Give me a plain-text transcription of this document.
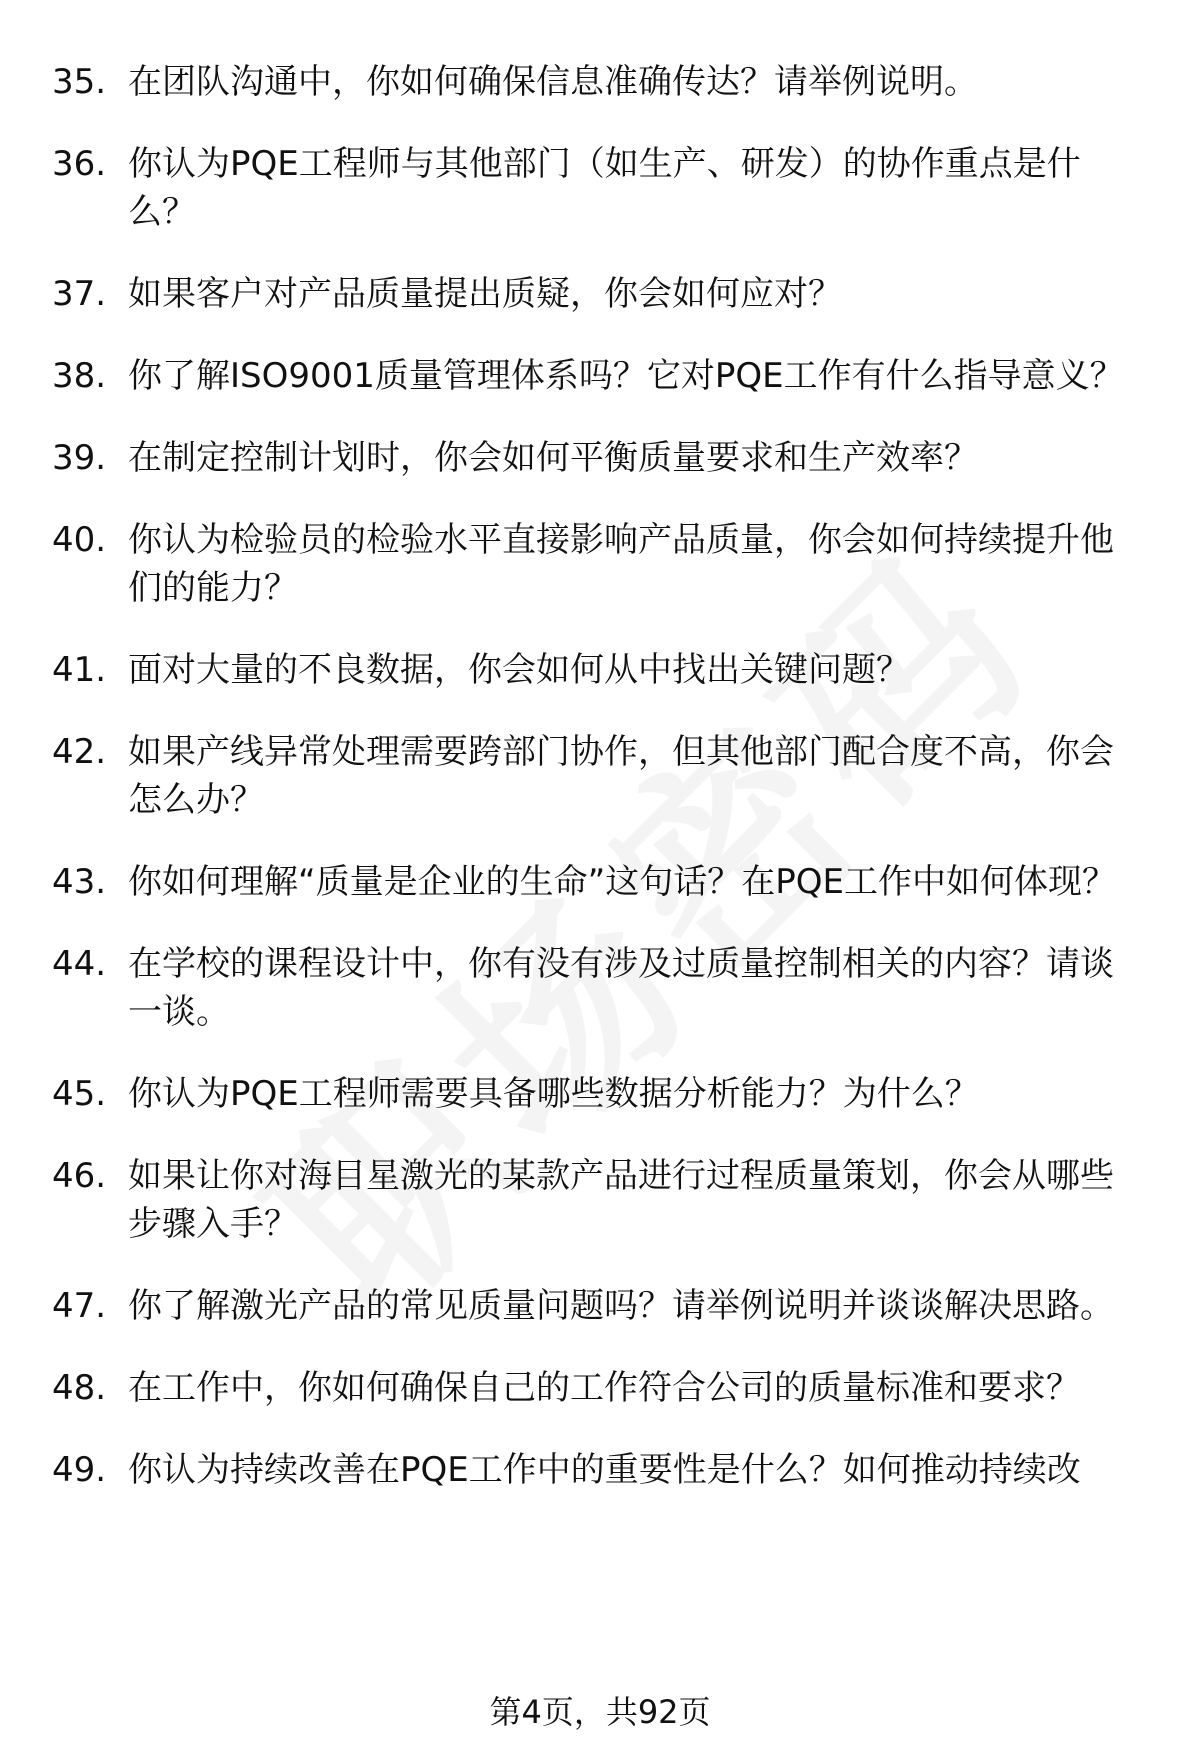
35. 在团队沟通中，你如何确保信息准确传达？请举例说明。
36. 你认为PQE工程师与其他部门（如生产、研发）的协作重点是什么？
37. 如果客户对产品质量提出质疑，你会如何应对？
38. 你了解ISO9001质量管理体系吗？它对PQE工作有什么指导意义？
39. 在制定控制计划时，你会如何平衡质量要求和生产效率？
40. 你认为检验员的检验水平直接影响产品质量，你会如何持续提升他们的能力？
41. 面对大量的不良数据，你会如何从中找出关键问题？
42. 如果产线异常处理需要跨部门协作，但其他部门配合度不高，你会怎么办？
43. 你如何理解“质量是企业的生命”这句话？在PQE工作中如何体现？
44. 在学校的课程设计中，你有没有涉及过质量控制相关的内容？请谈一谈。
45. 你认为PQE工程师需要具备哪些数据分析能力？为什么？
46. 如果让你对海目星激光的某款产品进行过程质量策划，你会从哪些步骤入手？
47. 你了解激光产品的常见质量问题吗？请举例说明并谈谈解决思路。
48. 在工作中，你如何确保自己的工作符合公司的质量标准和要求？
49. 你认为持续改善在PQE工作中的重要性是什么？如何推动持续改
第4页，共92页
